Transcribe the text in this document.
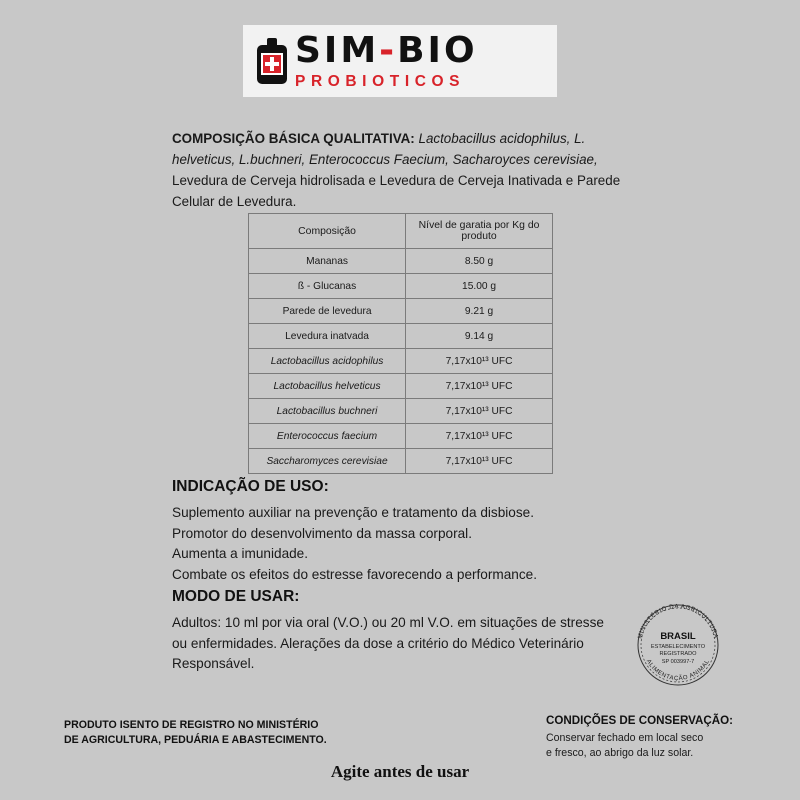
SIM-BIO
PROBIOTICOS
COMPOSIÇÃO BÁSICA QUALITATIVA: Lactobacillus acidophilus, L. helveticus, L.buchneri, Enterococcus Faecium, Sacharoyces cerevisiae, Levedura de Cerveja hidrolisada e Levedura de Cerveja Inativada e Parede Celular de Levedura.
Composição	Nível de garatia por Kg do produto
Mananas	8.50 g
ß - Glucanas	15.00 g
Parede de levedura	9.21 g
Levedura inatvada	9.14 g
Lactobacillus acidophilus	7,17x10¹³ UFC
Lactobacillus helveticus	7,17x10¹³ UFC
Lactobacillus buchneri	7,17x10¹³ UFC
Enterococcus faecium	7,17x10¹³ UFC
Saccharomyces cerevisiae	7,17x10¹³ UFC
INDICAÇÃO DE USO:
Suplemento auxiliar na prevenção e tratamento da disbiose.
Promotor do desenvolvimento da massa corporal.
Aumenta a imunidade.
Combate os efeitos do estresse favorecendo a performance.
MODO DE USAR:
Adultos: 10 ml por via oral (V.O.) ou 20 ml V.O. em situações de stresse ou enfermidades. Alerações da dose a critério do Médico Veterinário Responsável.
MINISTÉRIO DA AGRICULTURA
ALIMENTAÇÃO ANIMAL
BRASIL
ESTABELECIMENTO
REGISTRADO
SP 003997-7
PRODUTO ISENTO DE REGISTRO NO MINISTÉRIO
DE AGRICULTURA, PEDUÁRIA E ABASTECIMENTO.
CONDIÇÕES DE CONSERVAÇÃO:
Conservar fechado em local seco
e fresco, ao abrigo da luz solar.
Agite antes de usar
